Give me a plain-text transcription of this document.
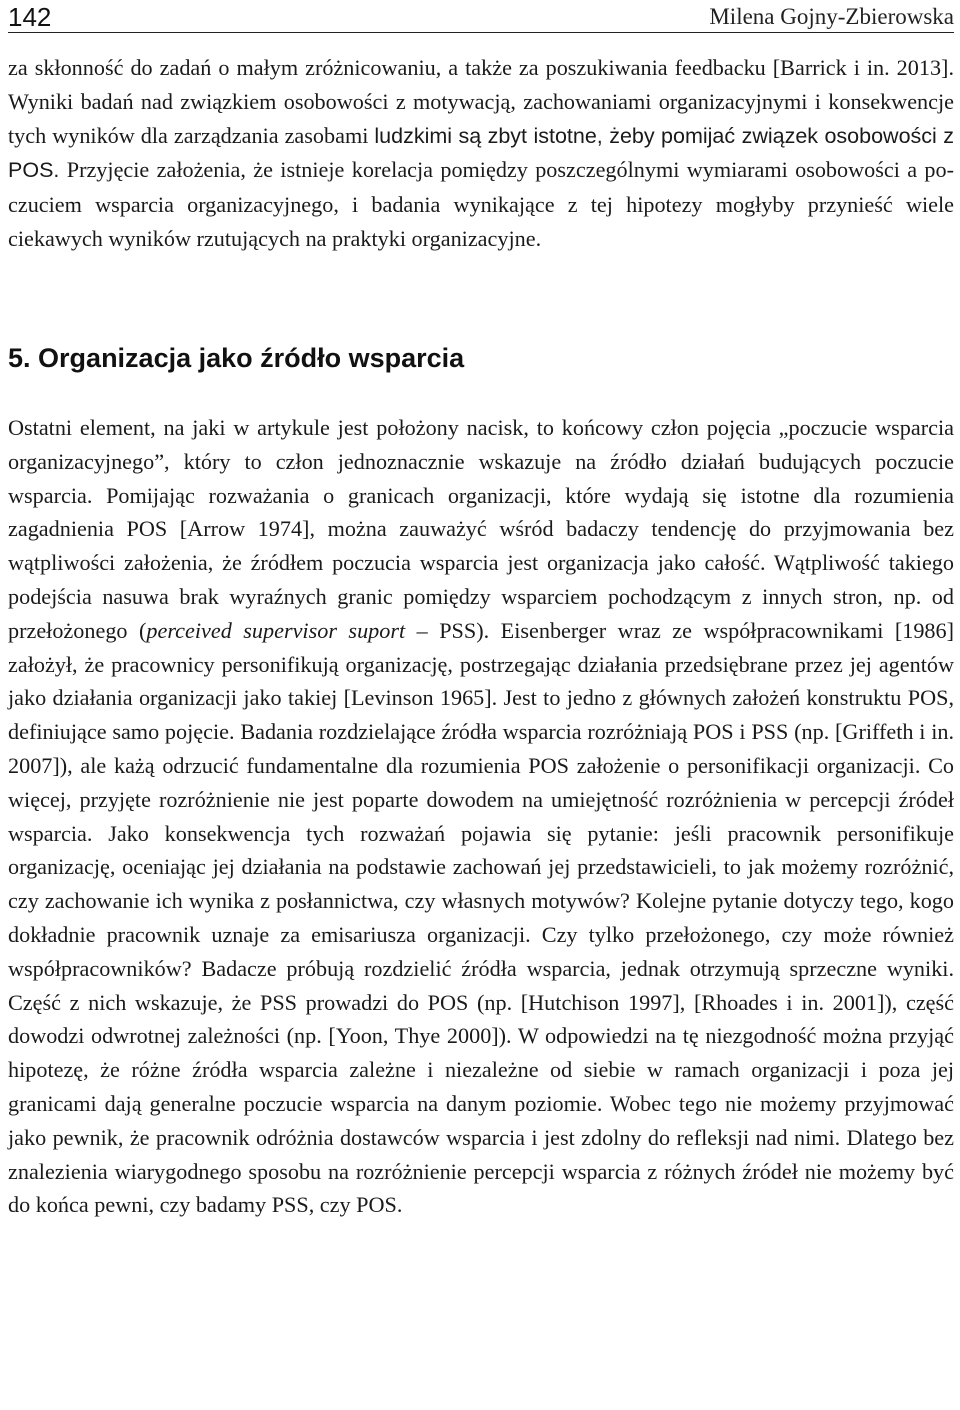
142	Milena Gojny-Zbierowska
za skłonność do zadań o małym zróżnicowaniu, a także za poszukiwania feedbacku [Barrick i in. 2013]. Wyniki badań nad związkiem osobowości z motywacją, zachowaniami organizacyjnymi i konsekwencje tych wyników dla zarządzania zasobami ludzkimi są zbyt istotne, żeby pomijać związek osobowości z POS. Przyjęcie założenia, że istnieje korelacja pomiędzy poszczególnymi wymiarami osobowości a poczuciem wsparcia organizacyjnego, i badania wynikające z tej hipotezy mogłyby przynieść wiele ciekawych wyników rzutujących na praktyki organizacyjne.
5. Organizacja jako źródło wsparcia
Ostatni element, na jaki w artykule jest położony nacisk, to końcowy człon pojęcia „poczucie wsparcia organizacyjnego”, który to człon jednoznacznie wskazuje na źródło działań budujących poczucie wsparcia. Pomijając rozważania o granicach organizacji, które wydają się istotne dla rozumienia zagadnienia POS [Arrow 1974], można zauważyć wśród badaczy tendencję do przyjmowania bez wątpliwości założenia, że źródłem poczucia wsparcia jest organizacja jako całość. Wątpliwość takiego podejścia nasuwa brak wyraźnych granic pomiędzy wsparciem pochodzącym z innych stron, np. od przełożonego (perceived supervisor suport – PSS). Eisenberger wraz ze współpracownikami [1986] założył, że pracownicy personifikują organizację, postrzegając działania przedsiębrane przez jej agentów jako działania organizacji jako takiej [Levinson 1965]. Jest to jedno z głównych założeń konstruktu POS, definiujące samo pojęcie. Badania rozdzielające źródła wsparcia rozróżniają POS i PSS (np. [Griffeth i in. 2007]), ale każą odrzucić fundamentalne dla rozumienia POS założenie o personifikacji organizacji. Co więcej, przyjęte rozróżnienie nie jest poparte dowodem na umiejętność rozróżnienia w percepcji źródeł wsparcia. Jako konsekwencja tych rozważań pojawia się pytanie: jeśli pracownik personifikuje organizację, oceniając jej działania na podstawie zachowań jej przedstawicieli, to jak możemy rozróżnić, czy zachowanie ich wynika z posłannictwa, czy własnych motywów? Kolejne pytanie dotyczy tego, kogo dokładnie pracownik uznaje za emisariusza organizacji. Czy tylko przełożonego, czy może również współpracowników? Badacze próbują rozdzielić źródła wsparcia, jednak otrzymują sprzeczne wyniki. Część z nich wskazuje, że PSS prowadzi do POS (np. [Hutchison 1997], [Rhoades i in. 2001]), część dowodzi odwrotnej zależności (np. [Yoon, Thye 2000]). W odpowiedzi na tę niezgodność można przyjąć hipotezę, że różne źródła wsparcia zależne i niezależne od siebie w ramach organizacji i poza jej granicami dają generalne poczucie wsparcia na danym poziomie. Wobec tego nie możemy przyjmować jako pewnik, że pracownik odróżnia dostawców wsparcia i jest zdolny do refleksji nad nimi. Dlatego bez znalezienia wiarygodnego sposobu na rozróżnienie percepcji wsparcia z różnych źródeł nie możemy być do końca pewni, czy badamy PSS, czy POS.
